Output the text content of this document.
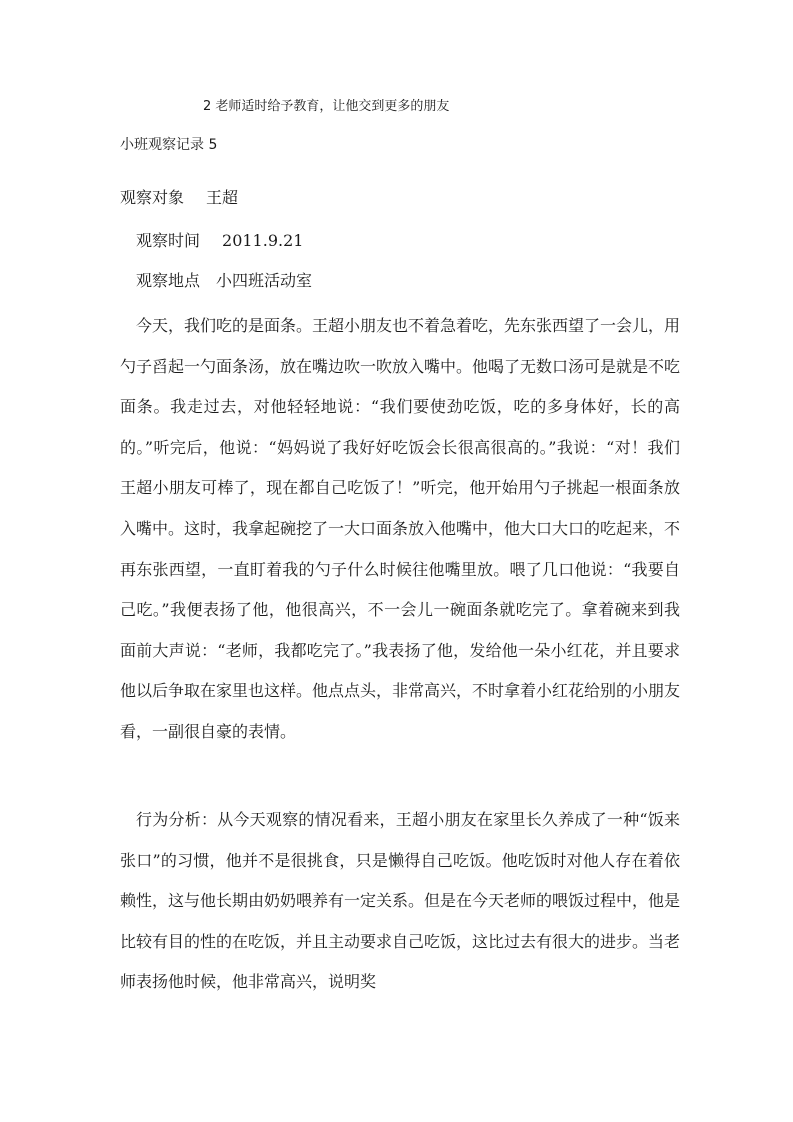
2 老师适时给予教育，让他交到更多的朋友
小班观察记录 5
观察对象 王超
观察时间 2011.9.21
观察地点 小四班活动室

今天，我们吃的是面条。王超小朋友也不着急着吃，先东张西望了一会儿，用勺子舀起一勺面条汤，放在嘴边吹一吹放入嘴中。他喝了无数口汤可是就是不吃面条。我走过去，对他轻轻地说：“我们要使劲吃饭，吃的多身体好，长的高的。”听完后，他说：“妈妈说了我好好吃饭会长很高很高的。”我说：“对！我们王超小朋友可棒了，现在都自己吃饭了！”听完，他开始用勺子挑起一根面条放入嘴中。这时，我拿起碗挖了一大口面条放入他嘴中，他大口大口的吃起来，不再东张西望，一直盯着我的勺子什么时候往他嘴里放。喂了几口他说：“我要自己吃。”我便表扬了他，他很高兴，不一会儿一碗面条就吃完了。拿着碗来到我面前大声说：“老师，我都吃完了。”我表扬了他，发给他一朵小红花，并且要求他以后争取在家里也这样。他点点头，非常高兴，不时拿着小红花给别的小朋友看，一副很自豪的表情。

行为分析：从今天观察的情况看来，王超小朋友在家里长久养成了一种“饭来张口”的习惯，他并不是很挑食，只是懒得自己吃饭。他吃饭时对他人存在着依赖性，这与他长期由奶奶喂养有一定关系。但是在今天老师的喂饭过程中，他是比较有目的性的在吃饭，并且主动要求自己吃饭，这比过去有很大的进步。当老师表扬他时候，他非常高兴，说明奖
